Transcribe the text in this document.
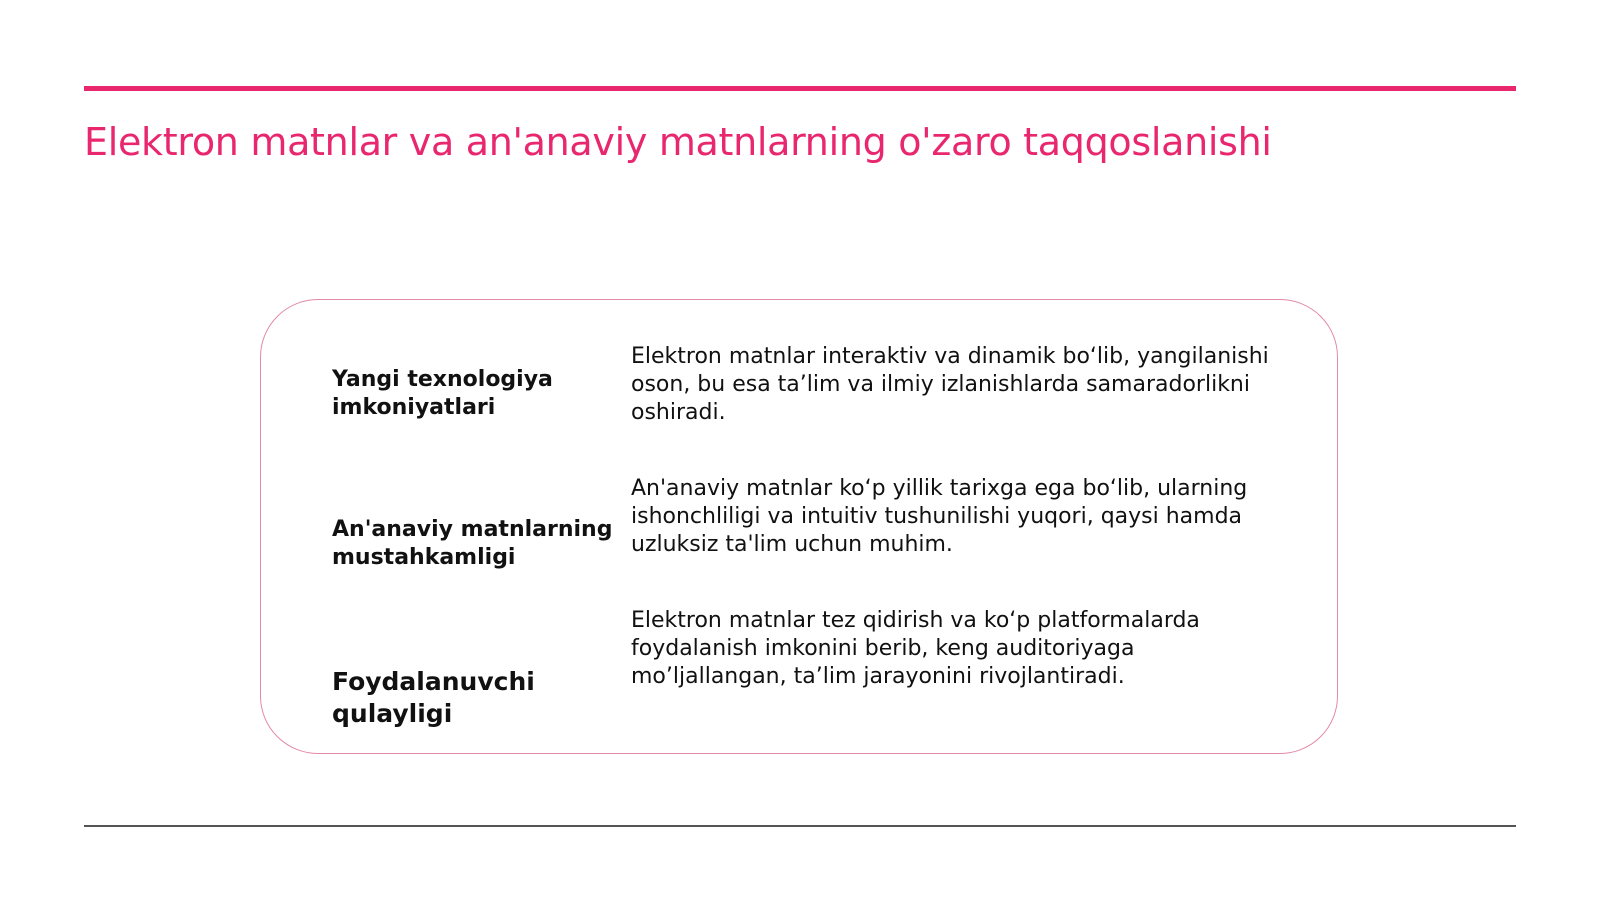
Elektron matnlar va an'anaviy matnlarning o'zaro taqqoslanishi

Yangi texnologiya imkoniyatlari

Elektron matnlar interaktiv va dinamik bo‘lib, yangilanishi oson, bu esa ta’lim va ilmiy izlanishlarda samaradorlikni oshiradi.

An'anaviy matnlarning mustahkamligi

An'anaviy matnlar ko‘p yillik tarixga ega bo‘lib, ularning ishonchliligi va intuitiv tushunilishi yuqori, qaysi hamda uzluksiz ta'lim uchun muhim.

Foydalanuvchi qulayligi

Elektron matnlar tez qidirish va ko‘p platformalarda foydalanish imkonini berib, keng auditoriyaga mo’ljallangan, ta’lim jarayonini rivojlantiradi.
